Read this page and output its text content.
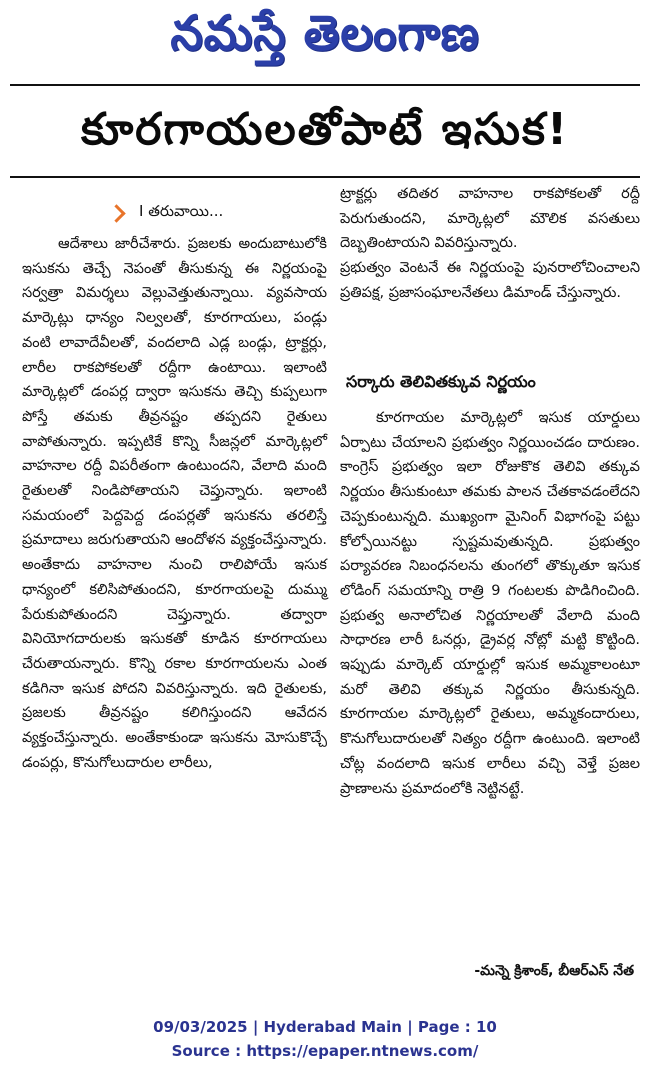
నమస్తే తెలంగాణ
కూరగాయలతోపాటే ఇసుక!
I తరువాయి...

ఆదేశాలు జారీచేశారు. ప్రజలకు అందుబాటులోకి ఇసుకను తెచ్చే నెపంతో తీసుకున్న ఈ నిర్ణయంపై సర్వత్రా విమర్శలు వెల్లువెత్తుతున్నాయి. వ్యవసాయ మార్కెట్లు ధాన్యం నిల్వలతో, కూరగాయలు, పండ్లు వంటి లావాదేవీలతో, వందలాది ఎడ్ల బండ్లు, ట్రాక్టర్లు, లారీల రాకపోకలతో రద్దీగా ఉంటాయి. ఇలాంటి మార్కెట్లలో డంపర్ల ద్వారా ఇసుకను తెచ్చి కుప్పలుగా పోస్తే తమకు తీవ్రనష్టం తప్పదని రైతులు వాపోతున్నారు. ఇప్పటికే కొన్ని సీజన్లలో మార్కెట్లలో వాహనాల రద్దీ విపరీతంగా ఉంటుందని, వేలాది మంది రైతులతో నిండిపోతాయని చెప్తున్నారు. ఇలాంటి సమయంలో పెద్దపెద్ద డంపర్లతో ఇసుకను తరలిస్తే ప్రమాదాలు జరుగుతాయని ఆందోళన వ్యక్తంచేస్తున్నారు. అంతేకాదు వాహనాల నుంచి రాలిపోయే ఇసుక ధాన్యంలో కలిసిపోతుందని, కూరగాయలపై దుమ్ము పేరుకుపోతుందని చెప్తున్నారు. తద్వారా వినియోగదారులకు ఇసుకతో కూడిన కూరగాయలు చేరుతాయన్నారు. కొన్ని రకాల కూరగాయలను ఎంత కడిగినా ఇసుక పోదని వివరిస్తున్నారు. ఇది రైతులకు, ప్రజలకు తీవ్రనష్టం కలిగిస్తుందని ఆవేదన వ్యక్తంచేస్తున్నారు. అంతేకాకుండా ఇసుకను మోసుకొచ్చే డంపర్లు, కొనుగోలుదారుల లారీలు,

ట్రాక్టర్లు తదితర వాహనాల రాకపోకలతో రద్దీ పెరుగుతుందని, మార్కెట్లలో మౌలిక వసతులు దెబ్బతింటాయని వివరిస్తున్నారు.

ప్రభుత్వం వెంటనే ఈ నిర్ణయంపై పునరాలోచించాలని ప్రతిపక్ష, ప్రజాసంఘాలనేతలు డిమాండ్ చేస్తున్నారు.

సర్కారు తెలివితక్కువ నిర్ణయం

కూరగాయల మార్కెట్లలో ఇసుక యార్డులు ఏర్పాటు చేయాలని ప్రభుత్వం నిర్ణయించడం దారుణం. కాంగ్రెస్ ప్రభుత్వం ఇలా రోజుకొక తెలివి తక్కువ నిర్ణయం తీసుకుంటూ తమకు పాలన చేతకావడంలేదని చెప్పకుంటున్నది. ముఖ్యంగా మైనింగ్ విభాగంపై పట్టు కోల్పోయినట్టు స్పష్టమవుతున్నది. ప్రభుత్వం పర్యావరణ నిబంధనలను తుంగలో తొక్కుతూ ఇసుక లోడింగ్ సమయాన్ని రాత్రి 9 గంటలకు పొడిగించింది. ప్రభుత్వ అనాలోచిత నిర్ణయాలతో వేలాది మంది సాధారణ లారీ ఓనర్లు, డ్రైవర్ల నోట్లో మట్టి కొట్టింది. ఇప్పుడు మార్కెట్ యార్డుల్లో ఇసుక అమ్మకాలంటూ మరో తెలివి తక్కువ నిర్ణయం తీసుకున్నది. కూరగాయల మార్కెట్లలో రైతులు, అమ్మకందారులు, కొనుగోలుదారులతో నిత్యం రద్దీగా ఉంటుంది. ఇలాంటి చోట్ల వందలాది ఇసుక లారీలు వచ్చి వెళ్తే ప్రజల ప్రాణాలను ప్రమాదంలోకి నెట్టినట్టే.

-మన్నె క్రిశాంక్, బీఆర్‌ఎస్ నేత
09/03/2025 | Hyderabad Main | Page : 10
Source : https://epaper.ntnews.com/
